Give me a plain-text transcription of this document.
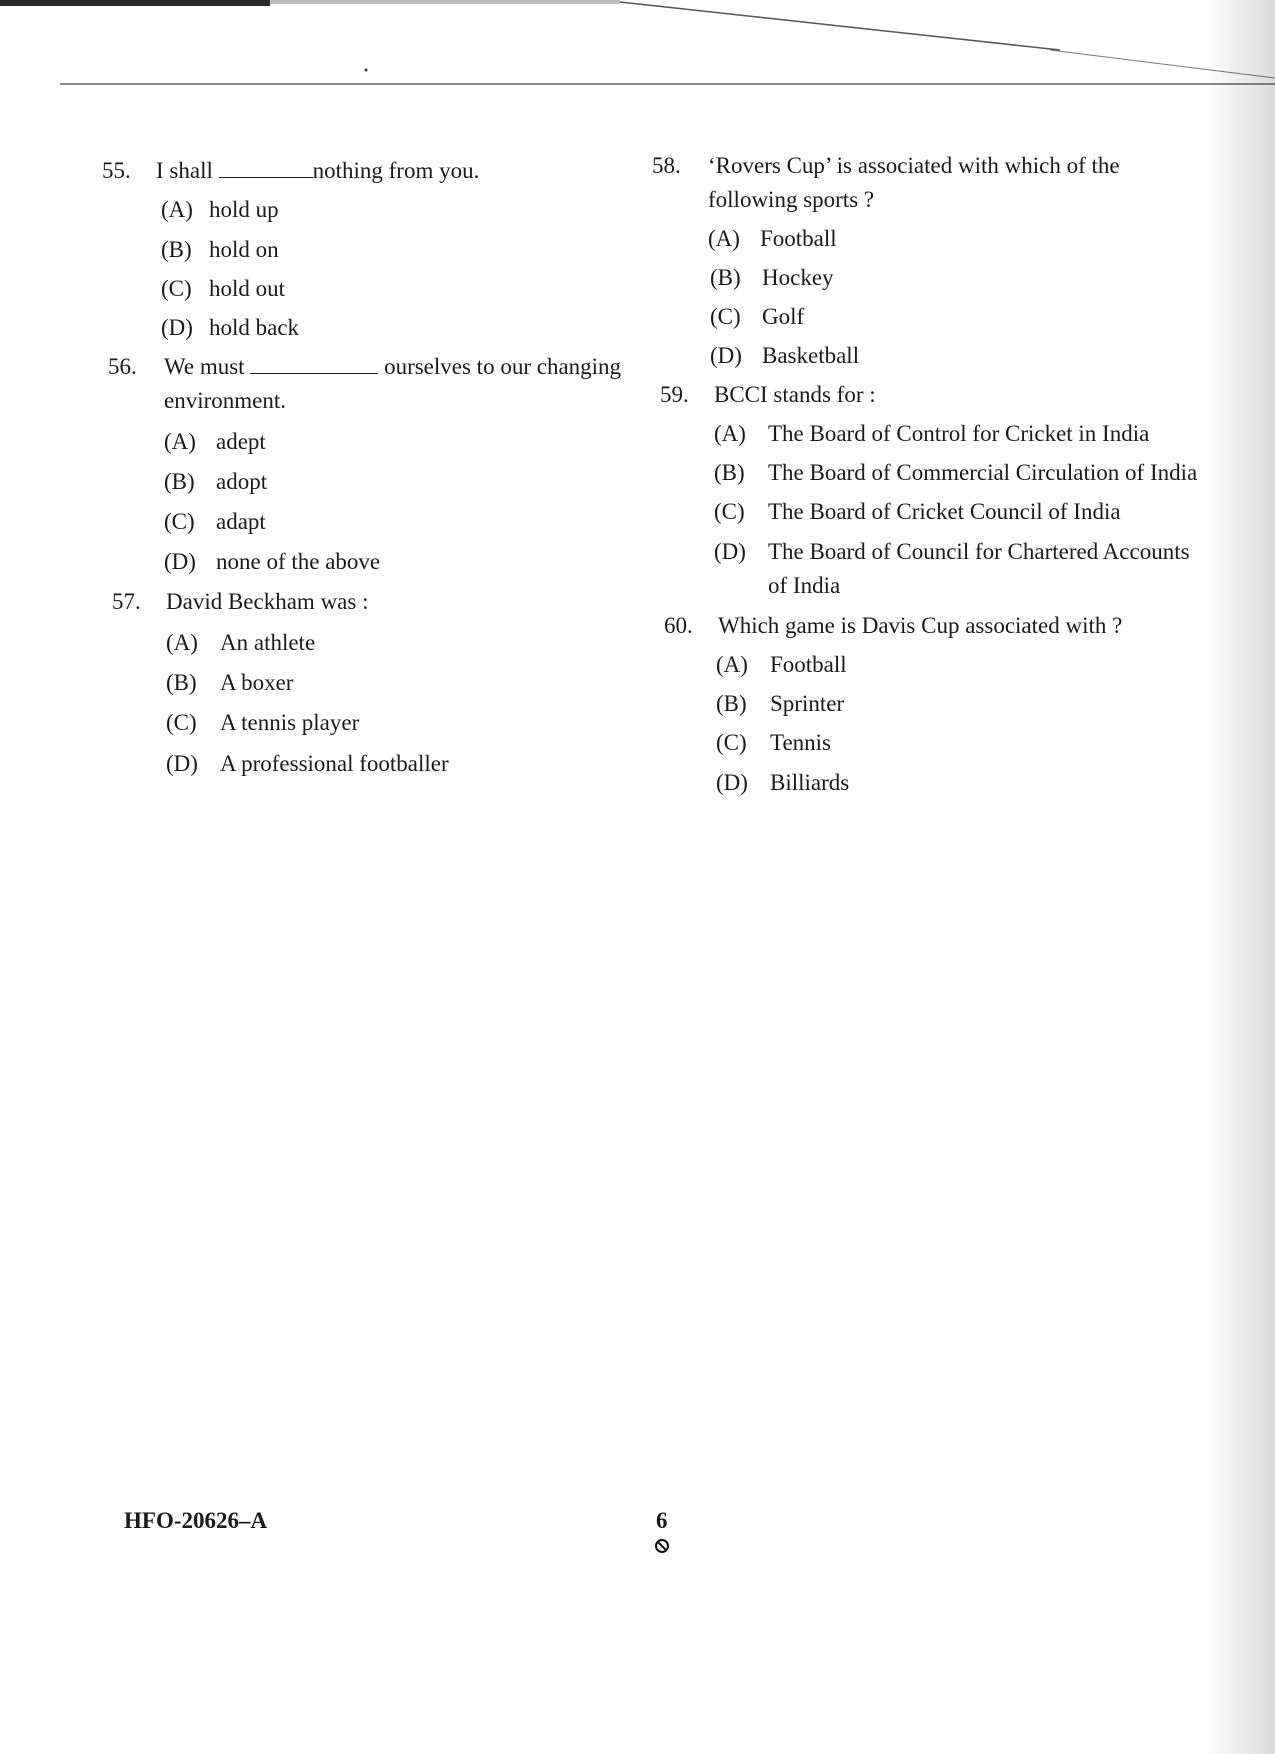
55. I shall	nothing from you.
(A) hold up
(B) hold on
(C) hold out
(D) hold back
56. We must	ourselves to our changing
environment.
(A) adept
(B) adopt
(C) adapt
(D) none of the above
57. David Beckham was :
(A) An athlete
(B) A boxer
(C) A tennis player
(D) A professional footballer
58. ‘Rovers Cup’ is associated with which of the
following sports ?
(A) Football
(B) Hockey
(C) Golf
(D) Basketball
59. BCCI stands for :
(A) The Board of Control for Cricket in India
(B) The Board of Commercial Circulation of India
(C) The Board of Cricket Council of India
(D) The Board of Council for Chartered Accounts
of India
60. Which game is Davis Cup associated with ?
(A) Football
(B) Sprinter
(C) Tennis
(D) Billiards
HFO-20626–A	6
